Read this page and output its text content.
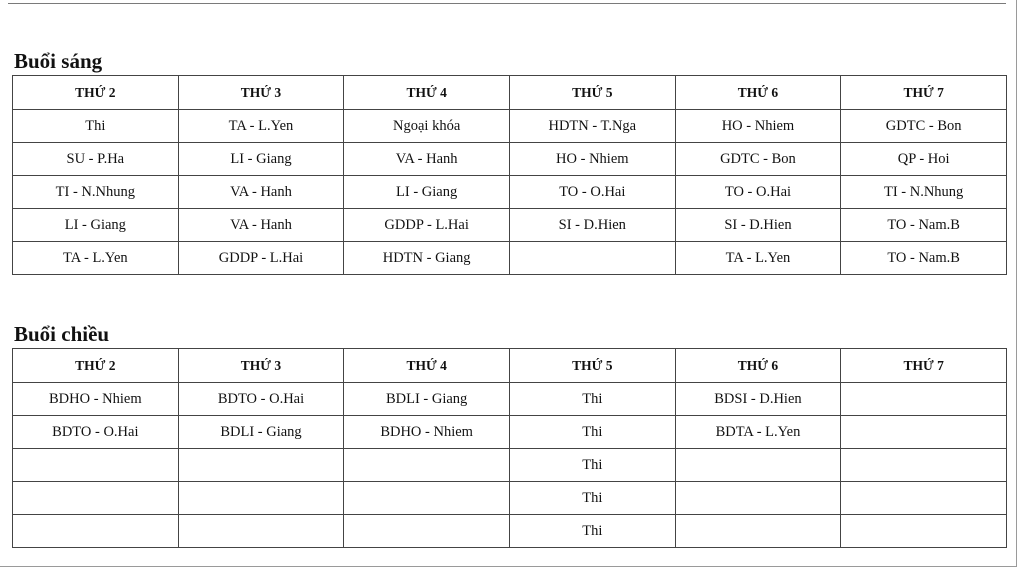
Buổi sáng
THỨ 2	THỨ 3	THỨ 4	THỨ 5	THỨ 6	THỨ 7
Thi	TA - L.Yen	Ngoại khóa	HDTN - T.Nga	HO - Nhiem	GDTC - Bon
SU - P.Ha	LI - Giang	VA - Hanh	HO - Nhiem	GDTC - Bon	QP - Hoi
TI - N.Nhung	VA - Hanh	LI - Giang	TO - O.Hai	TO - O.Hai	TI - N.Nhung
LI - Giang	VA - Hanh	GDDP - L.Hai	SI - D.Hien	SI - D.Hien	TO - Nam.B
TA - L.Yen	GDDP - L.Hai	HDTN - Giang		TA - L.Yen	TO - Nam.B
Buổi chiều
THỨ 2	THỨ 3	THỨ 4	THỨ 5	THỨ 6	THỨ 7
BDHO - Nhiem	BDTO - O.Hai	BDLI - Giang	Thi	BDSI - D.Hien	
BDTO - O.Hai	BDLI - Giang	BDHO - Nhiem	Thi	BDTA - L.Yen	
			Thi		
			Thi		
			Thi		
